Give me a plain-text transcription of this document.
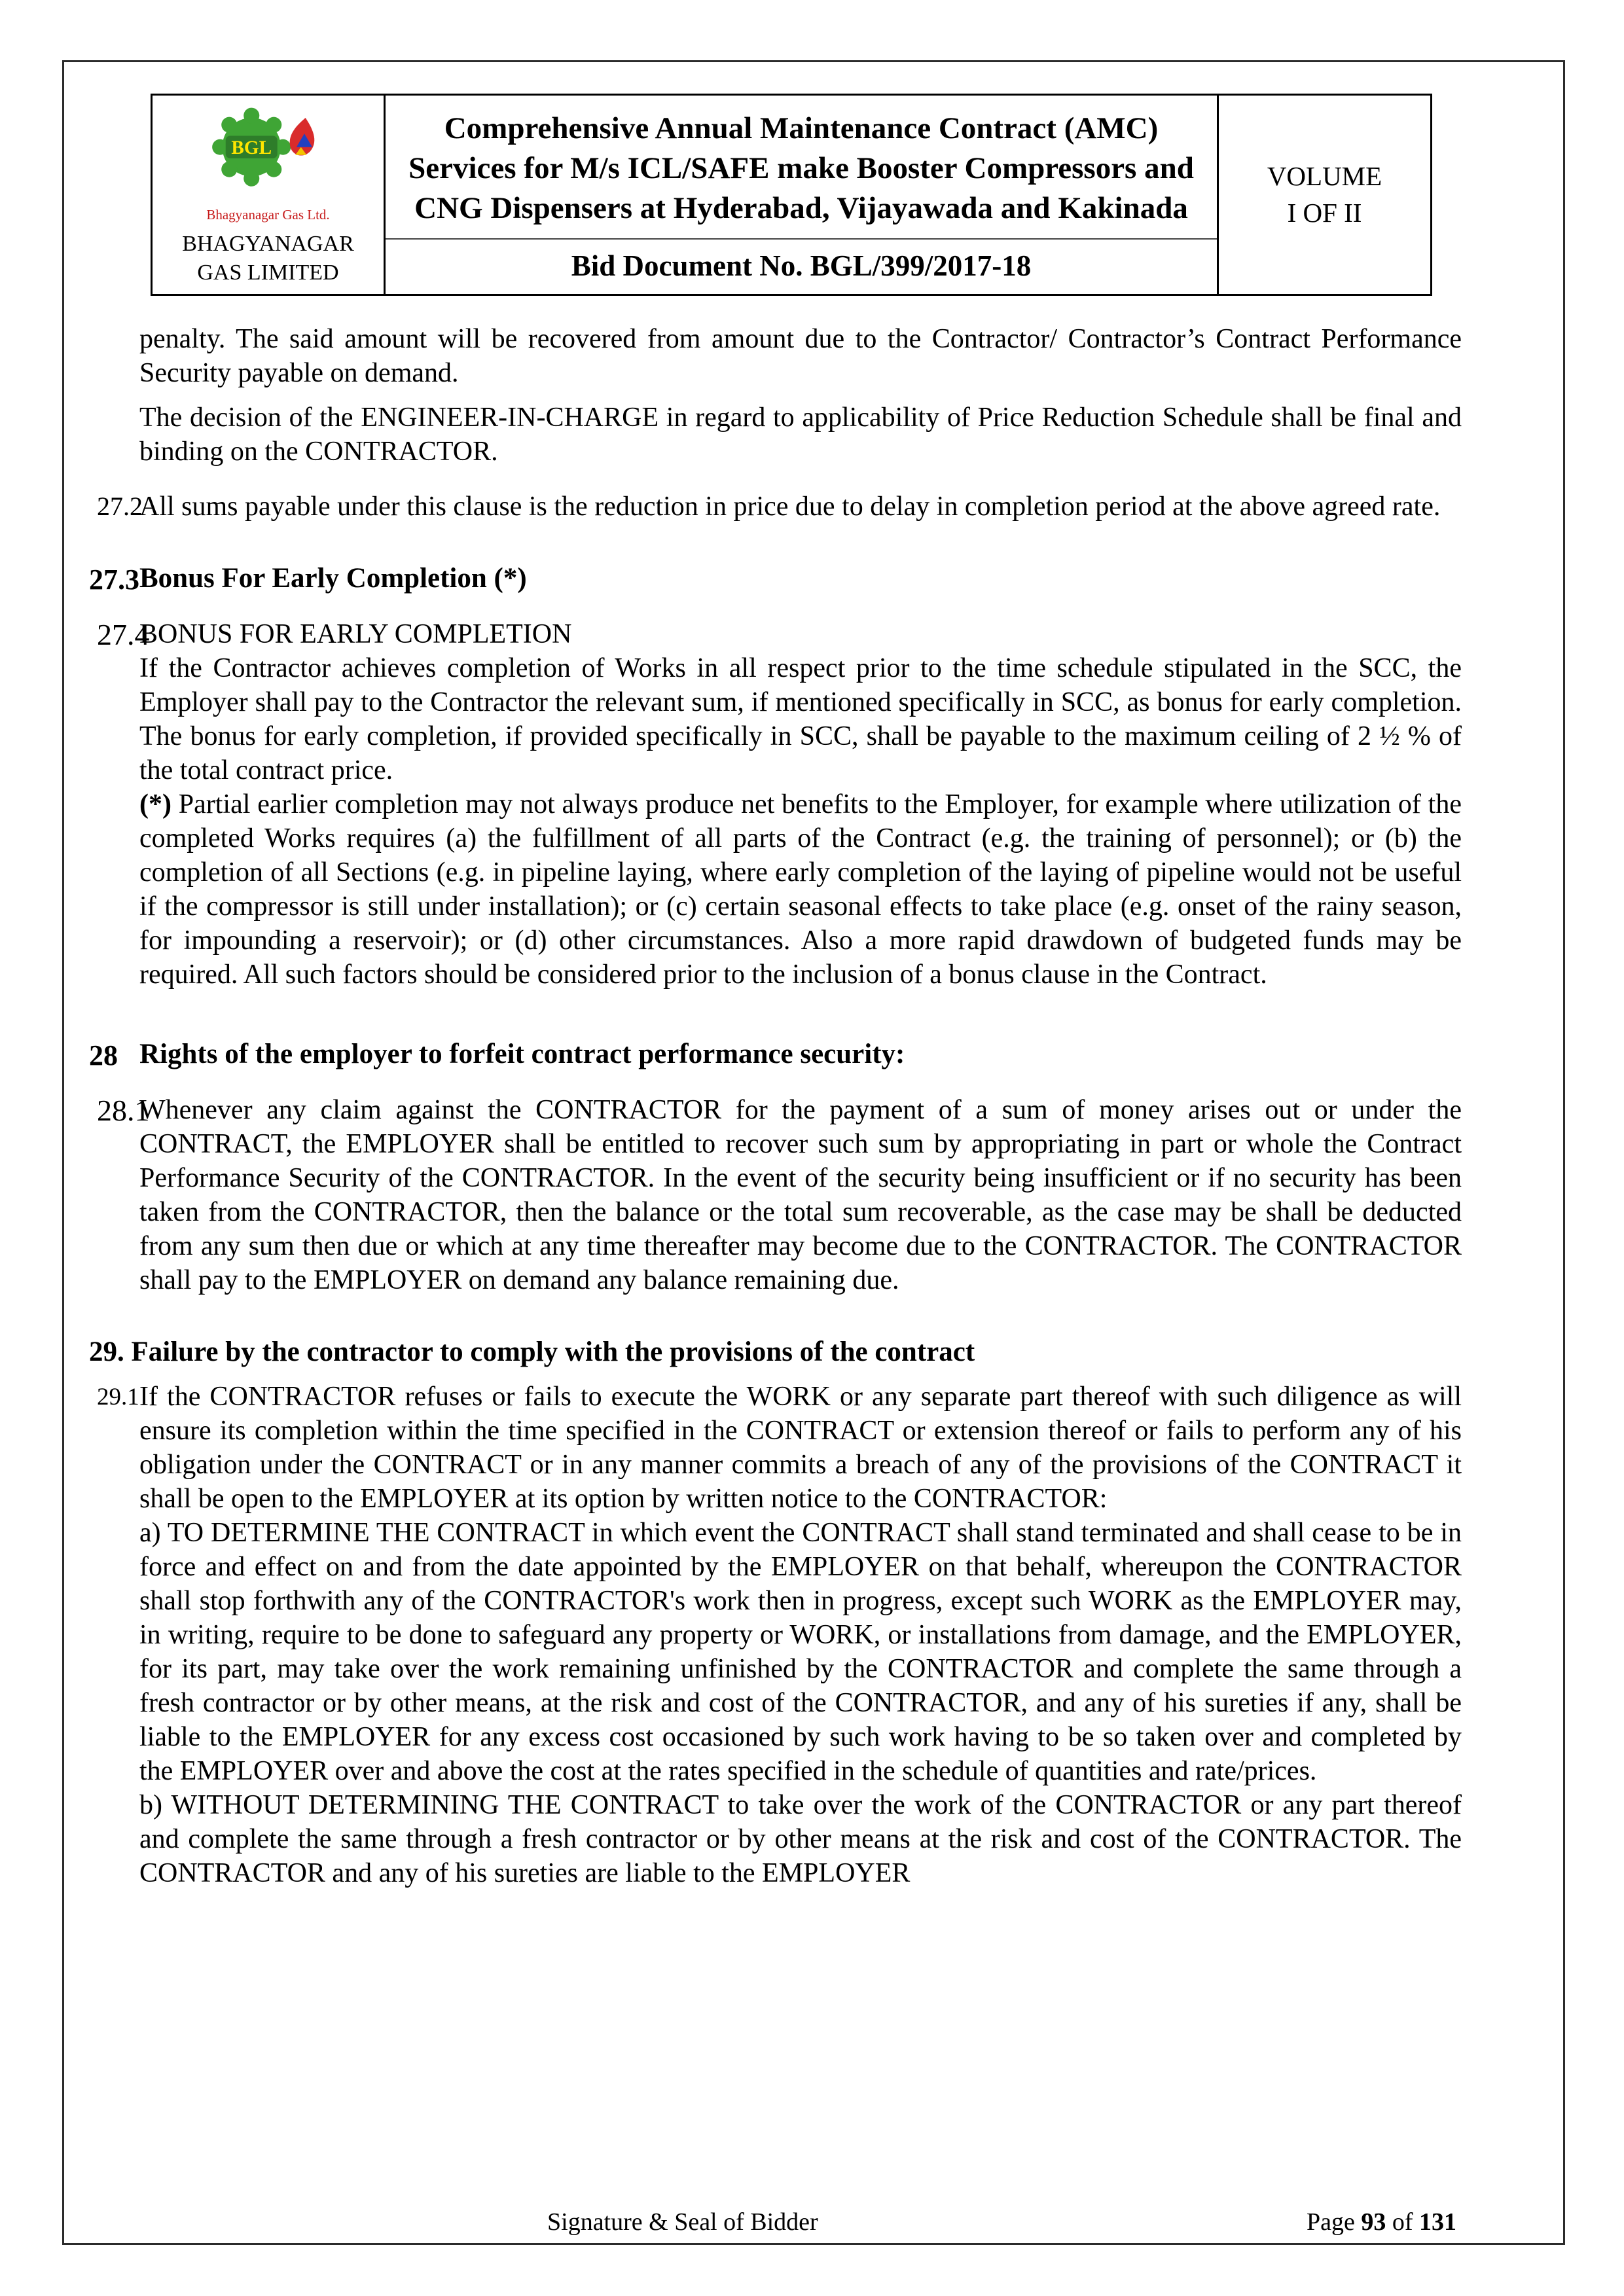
BGL
Bhagyanagar Gas Ltd.
BHAGYANAGAR
GAS LIMITED
Comprehensive Annual Maintenance Contract (AMC) Services for M/s ICL/SAFE make Booster Compressors and CNG Dispensers at Hyderabad, Vijayawada and Kakinada
VOLUME
I OF II
Bid Document No. BGL/399/2017-18
penalty. The said amount will be recovered from amount due to the Contractor/ Contractor’s Contract Performance Security payable on demand.
The decision of the ENGINEER-IN-CHARGE in regard to applicability of Price Reduction Schedule shall be final and binding on the CONTRACTOR.
27.2
All sums payable under this clause is the reduction in price due to delay in completion period at the above agreed rate.
27.3 Bonus For Early Completion (*)
27.4

BONUS FOR EARLY COMPLETION

If the Contractor achieves completion of Works in all respect prior to the time schedule stipulated in the SCC, the Employer shall pay to the Contractor the relevant sum, if mentioned specifically in SCC, as bonus for early completion. The bonus for early completion, if provided specifically in SCC, shall be payable to the maximum ceiling of 2 ½ % of the total contract price.

(*) Partial earlier completion may not always produce net benefits to the Employer, for example where utilization of the completed Works requires (a) the fulfillment of all parts of the Contract (e.g. the training of personnel); or (b) the completion of all Sections (e.g. in pipeline laying, where early completion of the laying of pipeline would not be useful if the compressor is still under installation); or (c) certain seasonal effects to take place (e.g. onset of the rainy season, for impounding a reservoir); or (d) other circumstances. Also a more rapid drawdown of budgeted funds may be required. All such factors should be considered prior to the inclusion of a bonus clause in the Contract.

28 Rights of the employer to forfeit contract performance security:
28.1
Whenever any claim against the CONTRACTOR for the payment of a sum of money arises out or under the CONTRACT, the EMPLOYER shall be entitled to recover such sum by appropriating in part or whole the Contract Performance Security of the CONTRACTOR. In the event of the security being insufficient or if no security has been taken from the CONTRACTOR, then the balance or the total sum recoverable, as the case may be shall be deducted from any sum then due or which at any time thereafter may become due to the CONTRACTOR. The CONTRACTOR shall pay to the EMPLOYER on demand any balance remaining due.
29. Failure by the contractor to comply with the provisions of the contract
29.1 If the CONTRACTOR refuses or fails to execute the WORK or any separate part thereof with such diligence as will ensure its completion within the time specified in the CONTRACT or extension thereof or fails to perform any of his obligation under the CONTRACT or in any manner commits a breach of any of the provisions of the CONTRACT it shall be open to the EMPLOYER at its option by written notice to the CONTRACTOR:

a) TO DETERMINE THE CONTRACT in which event the CONTRACT shall stand terminated and shall cease to be in force and effect on and from the date appointed by the EMPLOYER on that behalf, whereupon the CONTRACTOR shall stop forthwith any of the CONTRACTOR's work then in progress, except such WORK as the EMPLOYER may, in writing, require to be done to safeguard any property or WORK, or installations from damage, and the EMPLOYER, for its part, may take over the work remaining unfinished by the CONTRACTOR and complete the same through a fresh contractor or by other means, at the risk and cost of the CONTRACTOR, and any of his sureties if any, shall be liable to the EMPLOYER for any excess cost occasioned by such work having to be so taken over and completed by the EMPLOYER over and above the cost at the rates specified in the schedule of quantities and rate/prices.

b) WITHOUT DETERMINING THE CONTRACT to take over the work of the CONTRACTOR or any part thereof and complete the same through a fresh contractor or by other means at the risk and cost of the CONTRACTOR. The CONTRACTOR and any of his sureties are liable to the EMPLOYER

Signature & Seal of Bidder	Page 93 of 131
